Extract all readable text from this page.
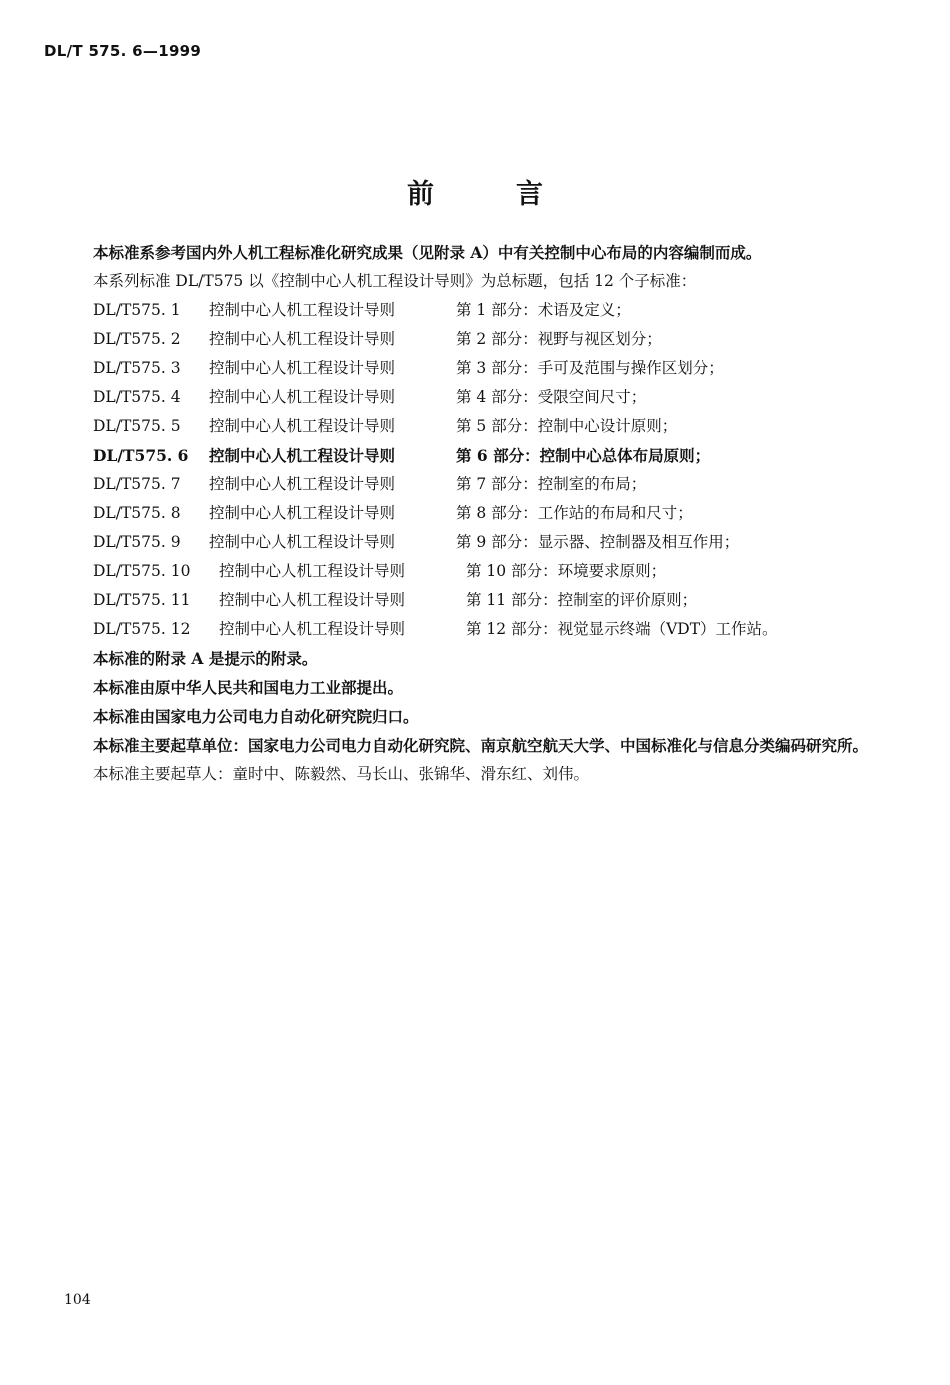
DL/T 575. 6—1999
前言

本标准系参考国内外人机工程标准化研究成果（见附录 A）中有关控制中心布局的内容编制而成。

本系列标准 DL/T575 以《控制中心人机工程设计导则》为总标题，包括 12 个子标准：

DL/T575. 1	控制中心人机工程设计导则	第 1 部分：术语及定义；

DL/T575. 2	控制中心人机工程设计导则	第 2 部分：视野与视区划分；

DL/T575. 3	控制中心人机工程设计导则	第 3 部分：手可及范围与操作区划分；

DL/T575. 4	控制中心人机工程设计导则	第 4 部分：受限空间尺寸；

DL/T575. 5	控制中心人机工程设计导则	第 5 部分：控制中心设计原则；

DL/T575. 6	控制中心人机工程设计导则	第 6 部分：控制中心总体布局原则；

DL/T575. 7	控制中心人机工程设计导则	第 7 部分：控制室的布局；

DL/T575. 8	控制中心人机工程设计导则	第 8 部分：工作站的布局和尺寸；

DL/T575. 9	控制中心人机工程设计导则	第 9 部分：显示器、控制器及相互作用；

DL/T575. 10	控制中心人机工程设计导则	第 10 部分：环境要求原则；

DL/T575. 11	控制中心人机工程设计导则	第 11 部分：控制室的评价原则；

DL/T575. 12	控制中心人机工程设计导则	第 12 部分：视觉显示终端（VDT）工作站。

本标准的附录 A 是提示的附录。

本标准由原中华人民共和国电力工业部提出。

本标准由国家电力公司电力自动化研究院归口。

本标准主要起草单位：国家电力公司电力自动化研究院、南京航空航天大学、中国标准化与信息分类编码研究所。

本标准主要起草人：童时中、陈毅然、马长山、张锦华、滑东红、刘伟。

104
